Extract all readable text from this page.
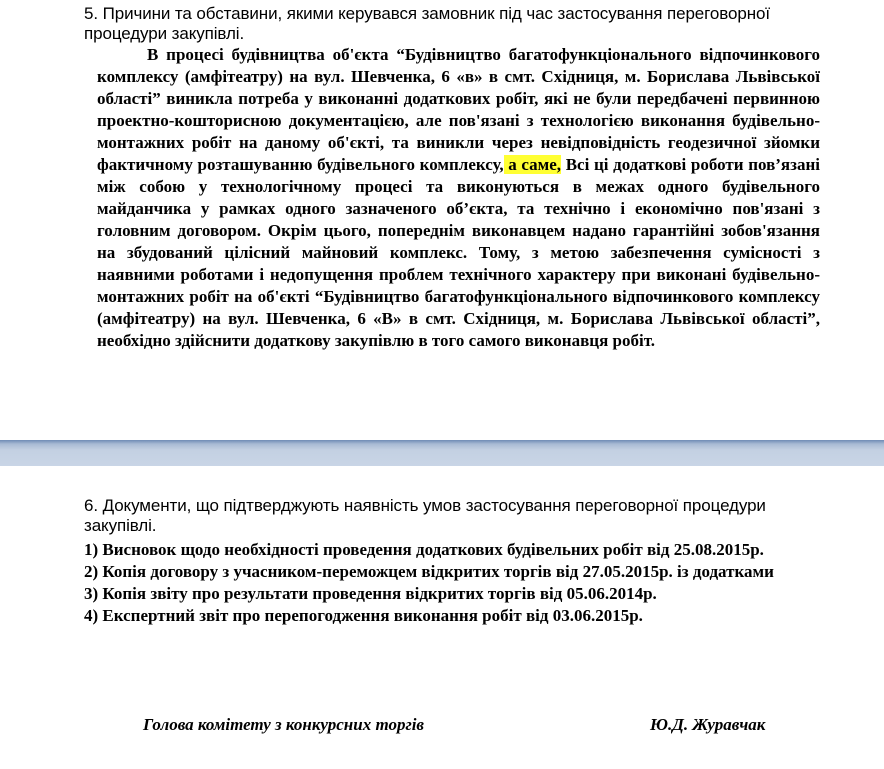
5. Причини та обставини, якими керувався замовник під час застосування переговорної процедури закупівлі.
В процесі будівництва об'єкта “Будівництво багатофункціонального відпочинкового комплексу (амфітеатру) на вул. Шевченка, 6 «в» в смт. Східниця, м. Борислава Львівської області” виникла потреба у виконанні додаткових робіт, які не були передбачені первинною проектно-кошторисною документацією, але пов'язані з технологією виконання будівельно-монтажних робіт на даному об'єкті, та виникли через невідповідність геодезичної зйомки фактичному розташуванню будівельного комплексу, а саме, Всі ці додаткові роботи пов’язані між собою у технологічному процесі та виконуються в межах одного будівельного майданчика у рамках одного зазначеного об’єкта, та технічно і економічно пов'язані з головним договором. Окрім цього, попереднім виконавцем надано гарантійні зобов'язання на збудований цілісний майновий комплекс. Тому, з метою забезпечення сумісності з наявними роботами і недопущення проблем технічного характеру при виконані будівельно-монтажних робіт на об'єкті “Будівництво багатофункціонального відпочинкового комплексу (амфітеатру) на вул. Шевченка, 6 «В» в смт. Східниця, м. Борислава Львівської області”, необхідно здійснити додаткову закупівлю в того самого виконавця робіт.
6. Документи, що підтверджують наявність умов застосування переговорної процедури закупівлі.
1) Висновок щодо необхідності проведення додаткових будівельних робіт від 25.08.2015р.
2) Копія договору з учасником-переможцем відкритих торгів від 27.05.2015р. із додатками
3) Копія звіту про результати проведення відкритих торгів від 05.06.2014р.
4) Експертний звіт про перепогодження виконання робіт від 03.06.2015р.
Голова комітету з конкурсних торгів	Ю.Д. Журавчак
